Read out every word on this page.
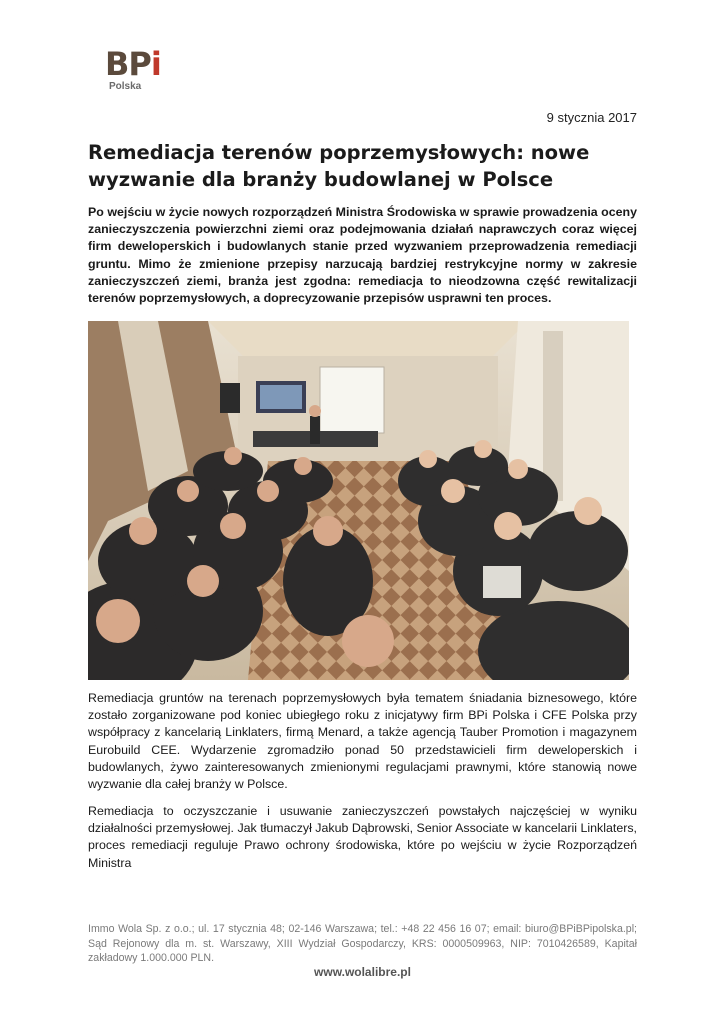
BPi
Polska
9 stycznia 2017
Remediacja terenów poprzemysłowych: nowe wyzwanie dla branży budowlanej w Polsce

Po wejściu w życie nowych rozporządzeń Ministra Środowiska w sprawie prowadzenia oceny zanieczyszczenia powierzchni ziemi oraz podejmowania działań naprawczych coraz więcej firm deweloperskich i budowlanych stanie przed wyzwaniem przeprowadzenia remediacji gruntu. Mimo że zmienione przepisy narzucają bardziej restrykcyjne normy w zakresie zanieczyszczeń ziemi, branża jest zgodna: remediacja to nieodzowna część rewitalizacji terenów poprzemysłowych, a doprecyzowanie przepisów usprawni ten proces.

Remediacja gruntów na terenach poprzemysłowych była tematem śniadania biznesowego, które zostało zorganizowane pod koniec ubiegłego roku z inicjatywy firm BPi Polska i CFE Polska przy współpracy z kancelarią Linklaters, firmą Menard, a także agencją Tauber Promotion i magazynem Eurobuild CEE. Wydarzenie zgromadziło ponad 50 przedstawicieli firm deweloperskich i budowlanych, żywo zainteresowanych zmienionymi regulacjami prawnymi, które stanowią nowe wyzwanie dla całej branży w Polsce.

Remediacja to oczyszczanie i usuwanie zanieczyszczeń powstałych najczęściej w wyniku działalności przemysłowej. Jak tłumaczył Jakub Dąbrowski, Senior Associate w kancelarii Linklaters, proces remediacji reguluje Prawo ochrony środowiska, które po wejściu w życie Rozporządzeń Ministra

Immo Wola Sp. z o.o.; ul. 17 stycznia 48; 02-146 Warszawa; tel.: +48 22 456 16 07; email: biuro@BPiBPipolska.pl; Sąd Rejonowy dla m. st. Warszawy, XIII Wydział Gospodarczy, KRS: 0000509963, NIP: 7010426589, Kapitał zakładowy 1.000.000 PLN.

www.wolalibre.pl
